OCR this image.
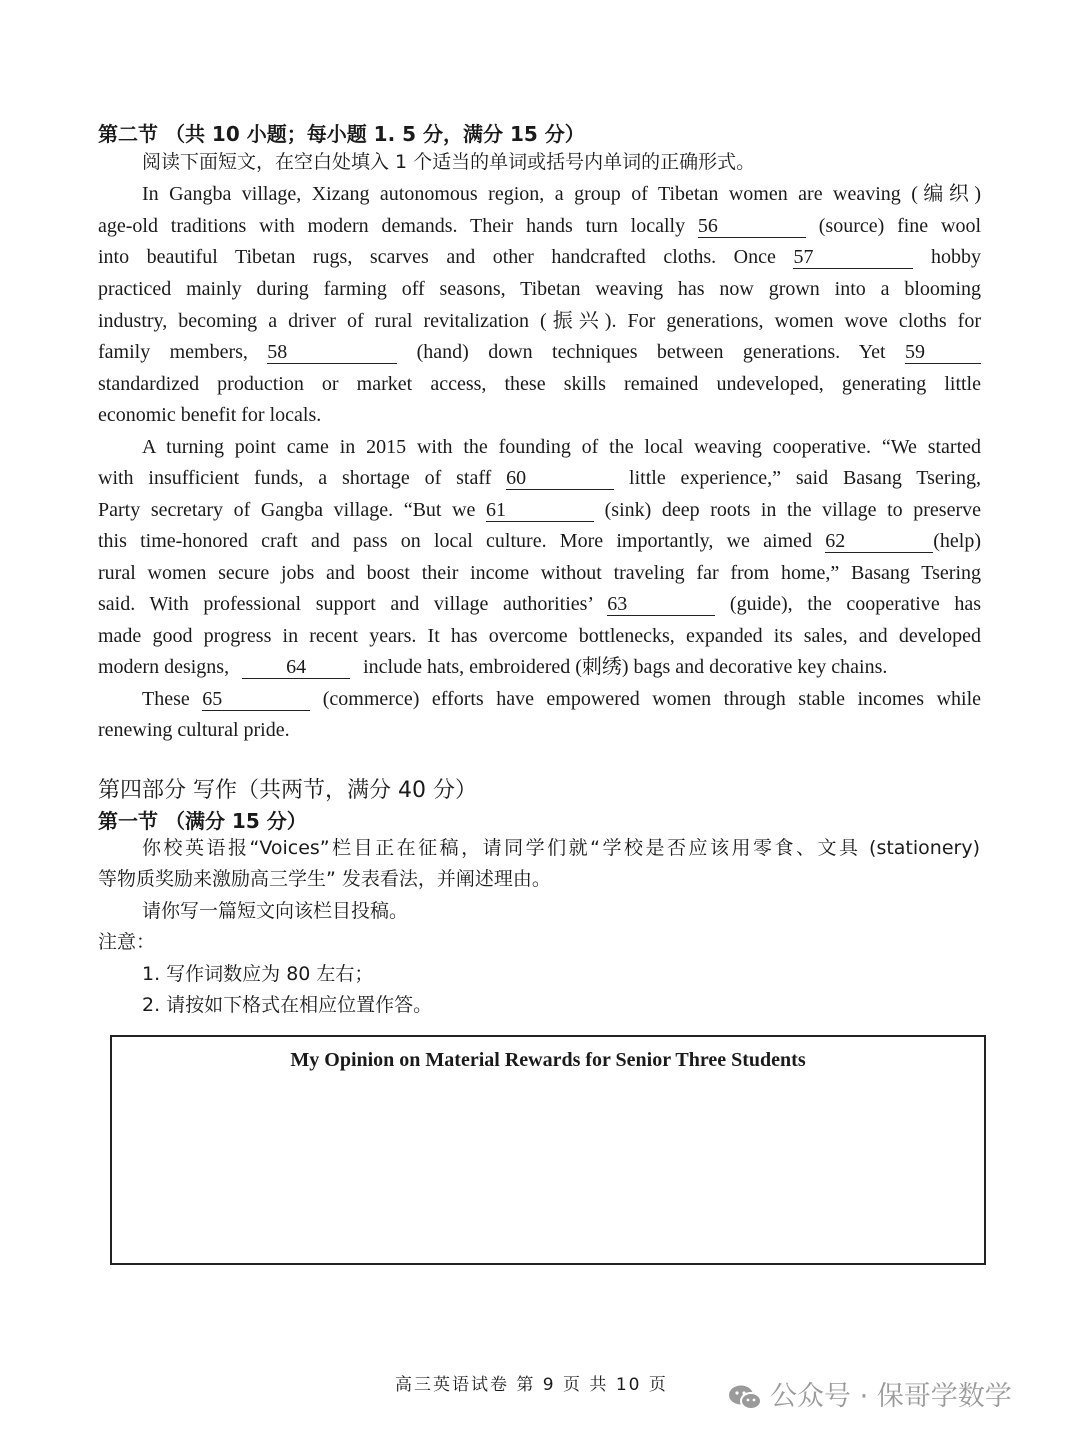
第二节 （共 10 小题；每小题 1. 5 分，满分 15 分）
阅读下面短文，在空白处填入 1 个适当的单词或括号内单词的正确形式。
In Gangba village, Xizang autonomous region, a group of Tibetan women are weaving (编织)
age-old traditions with modern demands. Their hands turn locally 56	(source) fine wool
into beautiful Tibetan rugs, scarves and other handcrafted cloths. Once 57	hobby
practiced mainly during farming off seasons, Tibetan weaving has now grown into a blooming
industry, becoming a driver of rural revitalization (振兴). For generations, women wove cloths for
family members, 58	(hand) down techniques between generations. Yet 59
standardized production or market access, these skills remained undeveloped, generating little
economic benefit for locals.
A turning point came in 2015 with the founding of the local weaving cooperative. “We started
with insufficient funds, a shortage of staff 60	little experience,” said Basang Tsering,
Party secretary of Gangba village. “But we 61	(sink) deep roots in the village to preserve
this time-honored craft and pass on local culture. More importantly, we aimed 62	(help)
rural women secure jobs and boost their income without traveling far from home,” Basang Tsering
said. With professional support and village authorities’ 63	(guide), the cooperative has
made good progress in recent years. It has overcome bottlenecks, expanded its sales, and developed
modern designs,	64	include hats, embroidered (刺绣) bags and decorative key chains.
These 65	(commerce) efforts have empowered women through stable incomes while
renewing cultural pride.
第四部分 写作（共两节，满分 40 分）
第一节 （满分 15 分）
你校英语报“Voices”栏目正在征稿，请同学们就“学校是否应该用零食、文具 (stationery)
等物质奖励来激励高三学生” 发表看法，并阐述理由。
请你写一篇短文向该栏目投稿。
注意：
1. 写作词数应为 80 左右；
2. 请按如下格式在相应位置作答。
My Opinion on Material Rewards for Senior Three Students
高三英语试卷 第 9 页 共 10 页	公众号 · 保哥学数学
